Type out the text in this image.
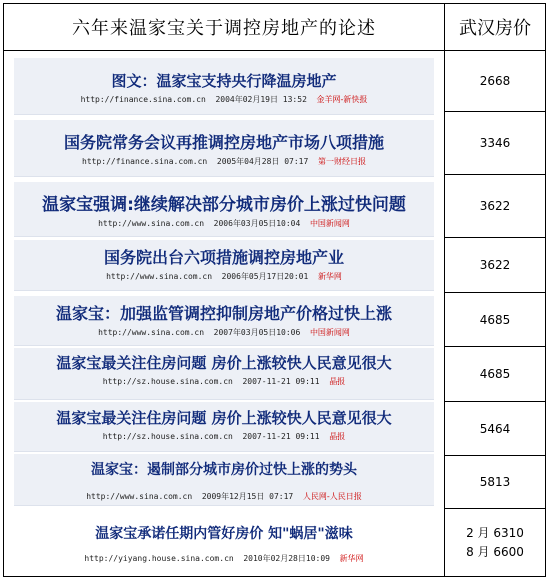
六年来温家宝关于调控房地产的论述	武汉房价
图文：温家宝支持央行降温房地产
http://finance.sina.com.cn 2004年02月19日 13:52 金羊网-新快报
国务院常务会议再推调控房地产市场八项措施
http://finance.sina.com.cn 2005年04月28日 07:17 第一财经日报
温家宝强调:继续解决部分城市房价上涨过快问题
http://www.sina.com.cn 2006年03月05日10:04 中国新闻网
国务院出台六项措施调控房地产业
http://www.sina.com.cn 2006年05月17日20:01 新华网
温家宝：加强监管调控抑制房地产价格过快上涨
http://www.sina.com.cn 2007年03月05日10:06 中国新闻网
温家宝最关注住房问题 房价上涨较快人民意见很大
http://sz.house.sina.com.cn 2007-11-21 09:11 晶报
温家宝最关注住房问题 房价上涨较快人民意见很大
http://sz.house.sina.com.cn 2007-11-21 09:11 晶报
温家宝：遏制部分城市房价过快上涨的势头
http://www.sina.com.cn 2009年12月15日 07:17 人民网-人民日报
温家宝承诺任期内管好房价 知"蜗居"滋味
http://yiyang.house.sina.com.cn 2010年02月28日10:09 新华网
2668
3346
3622
3622
4685
4685
5464
5813
2 月 6310
8 月 6600
